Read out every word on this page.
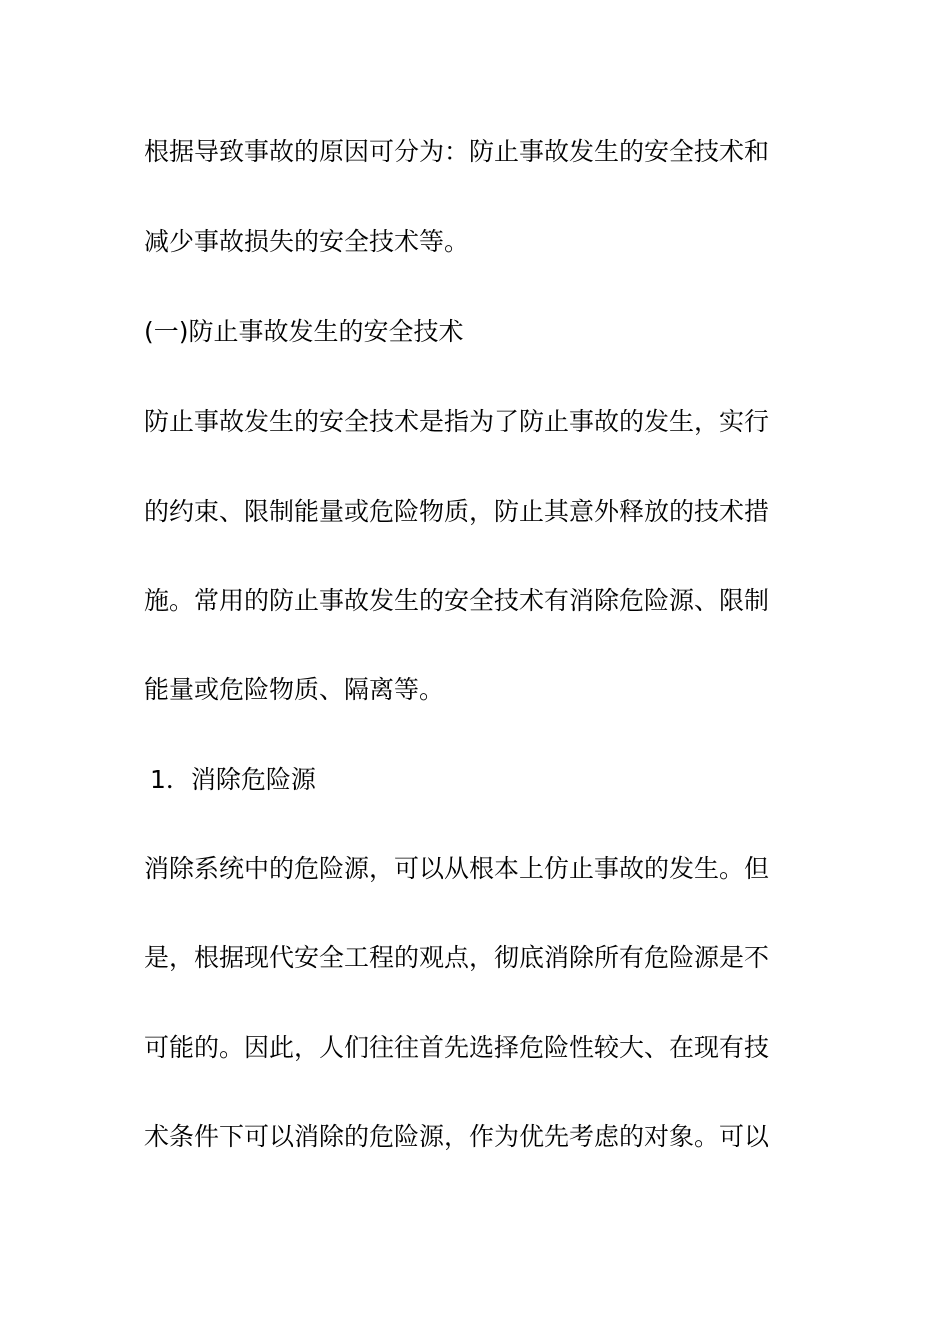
根据导致事故的原因可分为：防止事故发生的安全技术和
减少事故损失的安全技术等。
(一)防止事故发生的安全技术
防止事故发生的安全技术是指为了防止事故的发生，实行
的约束、限制能量或危险物质，防止其意外释放的技术措
施。常用的防止事故发生的安全技术有消除危险源、限制
能量或危险物质、隔离等。
1．消除危险源
消除系统中的危险源，可以从根本上仿止事故的发生。但
是，根据现代安全工程的观点，彻底消除所有危险源是不
可能的。因此，人们往往首先选择危险性较大、在现有技
术条件下可以消除的危险源，作为优先考虑的对象。可以
